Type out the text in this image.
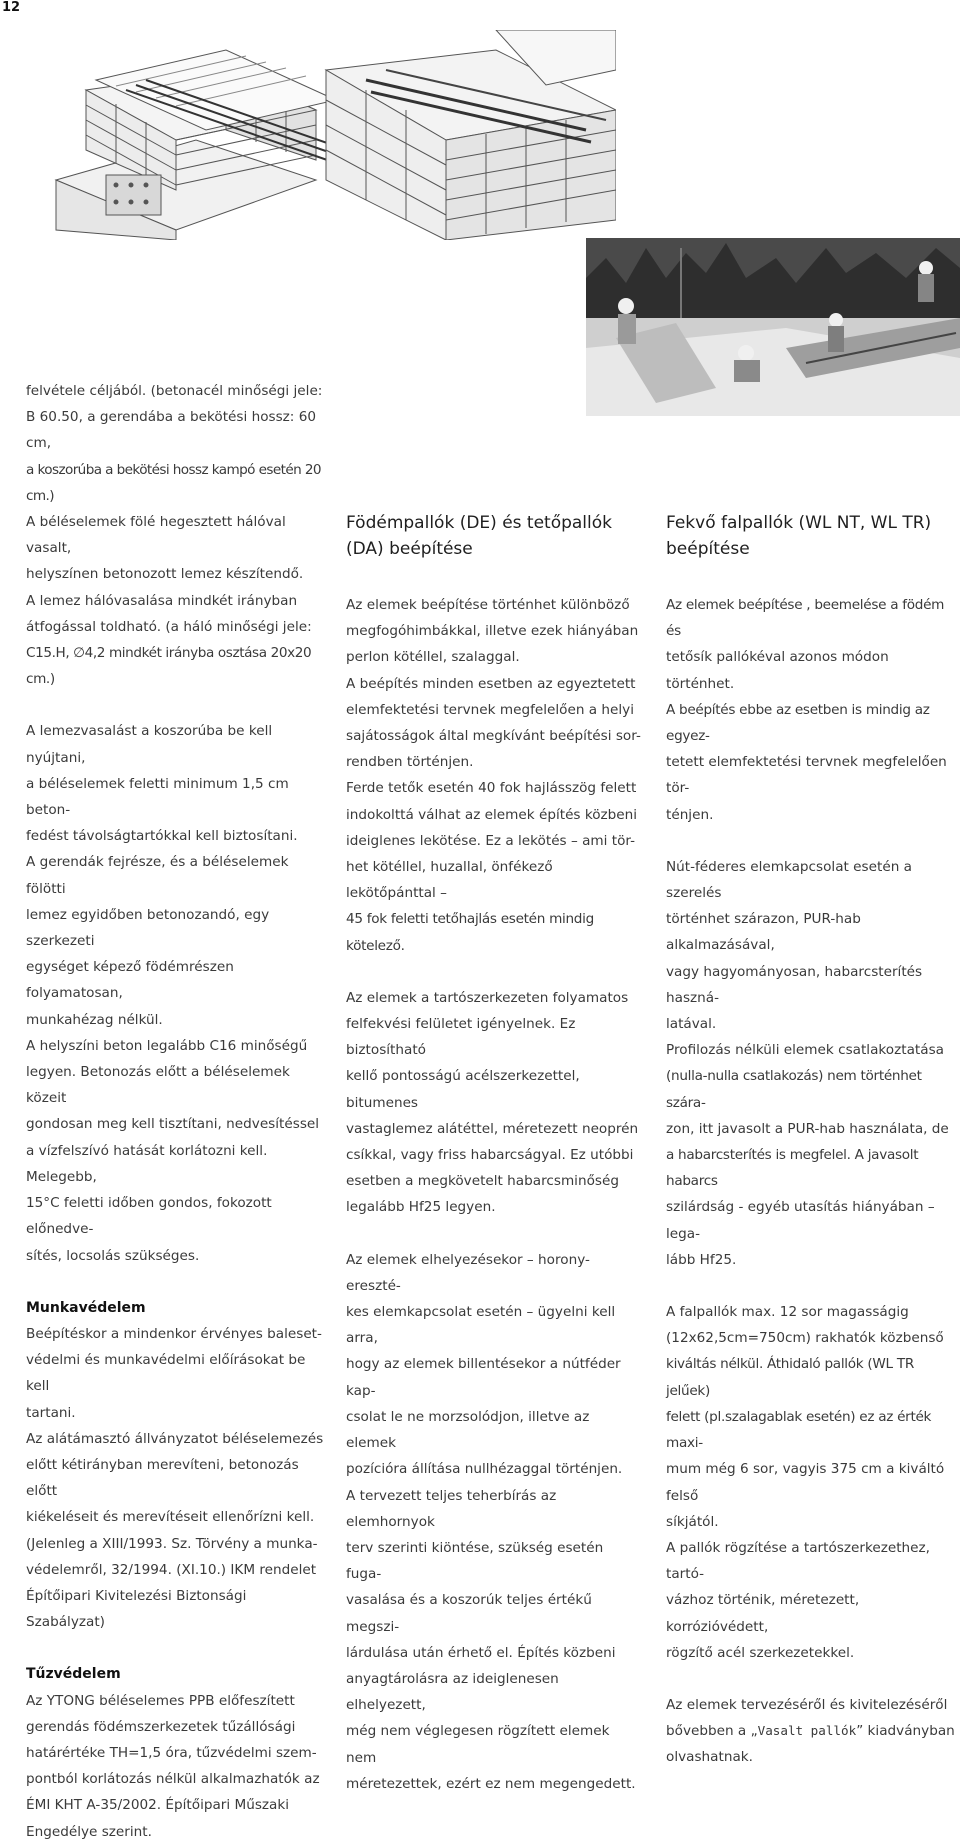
12

felvétele céljából. (betonacél minőségi jele:

B 60.50, a gerendába a bekötési hossz: 60 cm,

a koszorúba a bekötési hossz kampó esetén 20 cm.)

A béléselemek fölé hegesztett hálóval vasalt,

helyszínen betonozott lemez készítendő.

A lemez hálóvasalása mindkét irányban

átfogással toldható. (a háló minőségi jele:

C15.H, ∅4,2 mindkét irányba osztása 20x20 cm.)

A lemezvasalást a koszorúba be kell nyújtani,

a béléselemek feletti minimum 1,5 cm beton-

fedést távolságtartókkal kell biztosítani.

A gerendák fejrésze, és a béléselemek fölötti

lemez egyidőben betonozandó, egy szerkezeti

egységet képező födémrészen folyamatosan,

munkahézag nélkül.

A helyszíni beton legalább C16 minőségű

legyen. Betonozás előtt a béléselemek közeit

gondosan meg kell tisztítani, nedvesítéssel

a vízfelszívó hatását korlátozni kell. Melegebb,

15°C feletti időben gondos, fokozott előnedve-

sítés, locsolás szükséges.

Munkavédelem

Beépítéskor a mindenkor érvényes baleset-

védelmi és munkavédelmi előírásokat be kell

tartani.

Az alátámasztó állványzatot béléselemezés

előtt kétirányban merevíteni, betonozás előtt

kiékeléseit és merevítéseit ellenőrízni kell.

(Jelenleg a XIII/1993. Sz. Törvény a munka-

védelemről, 32/1994. (XI.10.) IKM rendelet

Építőipari Kivitelezési Biztonsági Szabályzat)

Tűzvédelem

Az YTONG béléselemes PPB előfeszített

gerendás födémszerkezetek tűzállósági

határértéke TH=1,5 óra, tűzvédelmi szem-

pontból korlátozás nélkül alkalmazhatók az

ÉMI KHT A-35/2002. Építőipari Műszaki

Engedélye szerint.

Födémpallók (DE) és tetőpallók
(DA) beépítése

Az elemek beépítése történhet különböző

megfogóhimbákkal, illetve ezek hiányában

perlon kötéllel, szalaggal.

A beépítés minden esetben az egyeztetett

elemfektetési tervnek megfelelően a helyi

sajátosságok által megkívánt beépítési sor-

rendben történjen.

Ferde tetők esetén 40 fok hajlásszög felett

indokolttá válhat az elemek építés közbeni

ideiglenes lekötése. Ez a lekötés – ami tör-

het kötéllel, huzallal, önfékező lekötőpánttal –

45 fok feletti tetőhajlás esetén mindig kötelező.

Az elemek a tartószerkezeten folyamatos

felfekvési felületet igényelnek. Ez biztosítható

kellő pontosságú acélszerkezettel, bitumenes

vastaglemez alátéttel, méretezett neoprén

csíkkal, vagy friss habarcságyal. Ez utóbbi

esetben a megkövetelt habarcsminőség

legalább Hf25 legyen.

Az elemek elhelyezésekor – horony-ereszté-

kes elemkapcsolat esetén – ügyelni kell arra,

hogy az elemek billentésekor a nútféder kap-

csolat le ne morzsolódjon, illetve az elemek

pozícióra állítása nullhézaggal történjen.

A tervezett teljes teherbírás az elemhornyok

terv szerinti kiöntése, szükség esetén fuga-

vasalása és a koszorúk teljes értékű megszi-

lárdulása után érhető el. Építés közbeni

anyagtárolásra az ideiglenesen elhelyezett,

még nem véglegesen rögzített elemek nem

méretezettek, ezért ez nem megengedett.

Fekvő falpallók (WL NT, WL TR)
beépítése

Az elemek beépítése , beemelése a födém és

tetősík pallókéval azonos módon történhet.

A beépítés ebbe az esetben is mindig az egyez-

tetett elemfektetési tervnek megfelelően tör-

ténjen.

Nút-féderes elemkapcsolat esetén a szerelés

történhet szárazon, PUR-hab alkalmazásával,

vagy hagyományosan, habarcsterítés haszná-

latával.

Profilozás nélküli elemek csatlakoztatása

(nulla-nulla csatlakozás) nem történhet szára-

zon, itt javasolt a PUR-hab használata, de

a habarcsterítés is megfelel. A javasolt habarcs

szilárdság - egyéb utasítás hiányában – lega-

lább Hf25.

A falpallók max. 12 sor magasságig

(12x62,5cm=750cm) rakhatók közbenső

kiváltás nélkül. Áthidaló pallók (WL TR jelűek)

felett (pl.szalagablak esetén) ez az érték maxi-

mum még 6 sor, vagyis 375 cm a kiváltó felső

síkjától.

A pallók rögzítése a tartószerkezethez, tartó-

vázhoz történik, méretezett, korrózióvédett,

rögzítő acél szerkezetekkel.

Az elemek tervezéséről és kivitelezéséről

bővebben a „Vasalt pallók” kiadványban

olvashatnak.
